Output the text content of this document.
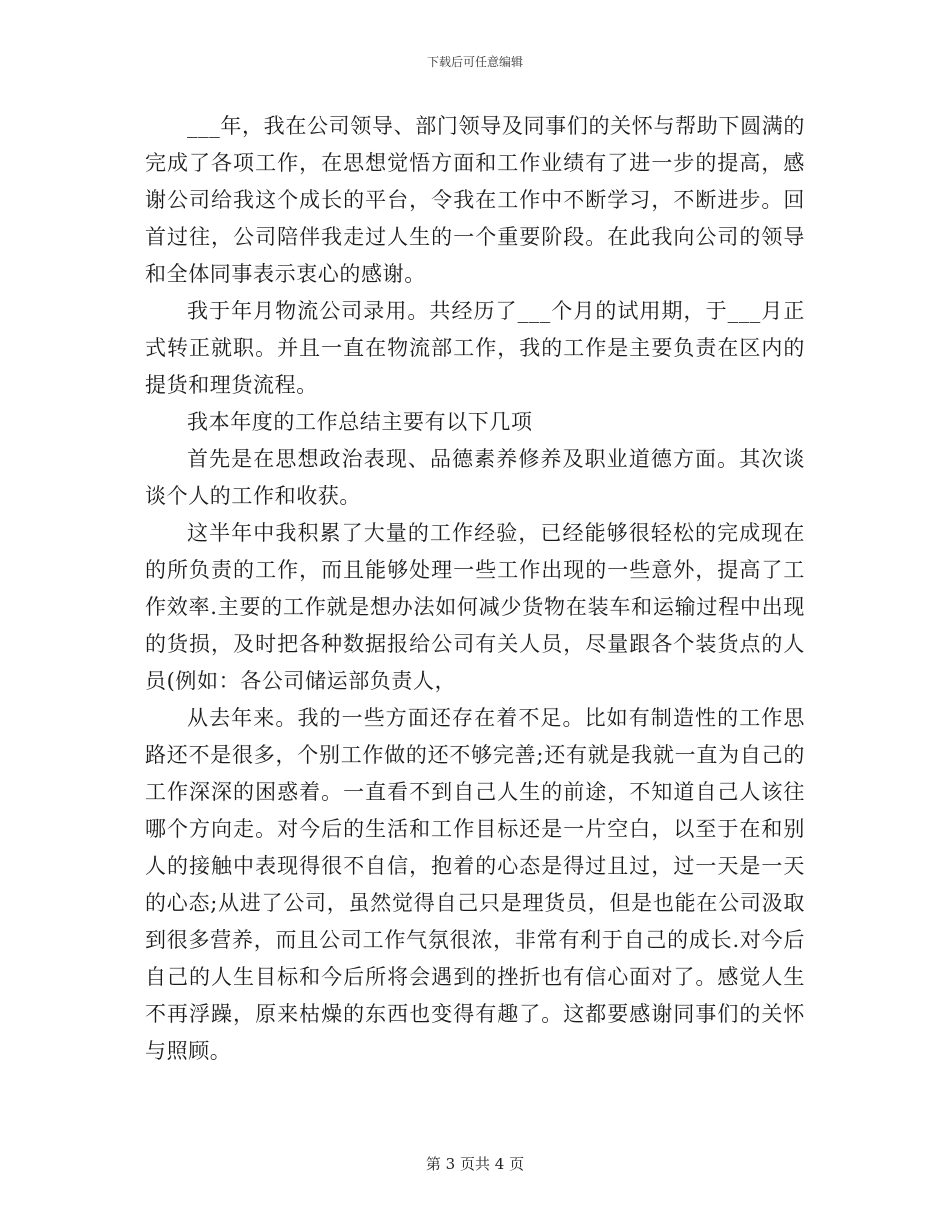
下载后可任意编辑

___年，我在公司领导、部门领导及同事们的关怀与帮助下圆满的完成了各项工作，在思想觉悟方面和工作业绩有了进一步的提高，感谢公司给我这个成长的平台，令我在工作中不断学习，不断进步。回首过往，公司陪伴我走过人生的一个重要阶段。在此我向公司的领导和全体同事表示衷心的感谢。

我于年月物流公司录用。共经历了___个月的试用期，于___月正式转正就职。并且一直在物流部工作，我的工作是主要负责在区内的提货和理货流程。

我本年度的工作总结主要有以下几项

首先是在思想政治表现、品德素养修养及职业道德方面。其次谈谈个人的工作和收获。

这半年中我积累了大量的工作经验，已经能够很轻松的完成现在的所负责的工作，而且能够处理一些工作出现的一些意外，提高了工作效率.主要的工作就是想办法如何减少货物在装车和运输过程中出现的货损，及时把各种数据报给公司有关人员，尽量跟各个装货点的人员(例如：各公司储运部负责人，

从去年来。我的一些方面还存在着不足。比如有制造性的工作思路还不是很多，个别工作做的还不够完善;还有就是我就一直为自己的工作深深的困惑着。一直看不到自己人生的前途，不知道自己人该往哪个方向走。对今后的生活和工作目标还是一片空白，以至于在和别人的接触中表现得很不自信，抱着的心态是得过且过，过一天是一天的心态;从进了公司，虽然觉得自己只是理货员，但是也能在公司汲取到很多营养，而且公司工作气氛很浓，非常有利于自己的成长.对今后自己的人生目标和今后所将会遇到的挫折也有信心面对了。感觉人生不再浮躁，原来枯燥的东西也变得有趣了。这都要感谢同事们的关怀与照顾。

第 3 页共 4 页
